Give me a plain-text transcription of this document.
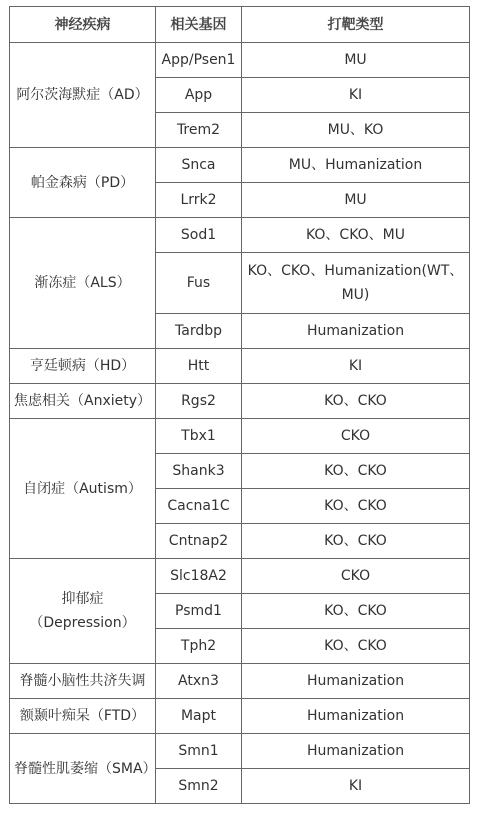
神经疾病	相关基因	打靶类型
阿尔茨海默症（AD）	App/Psen1	MU
	App	KI
	Trem2	MU、KO
帕金森病（PD）	Snca	MU、Humanization
	Lrrk2	MU
渐冻症（ALS）	Sod1	KO、CKO、MU
	Fus	KO、CKO、Humanization(WT、MU)
	Tardbp	Humanization
亨廷顿病（HD）	Htt	KI
焦虑相关（Anxiety）	Rgs2	KO、CKO
自闭症（Autism）	Tbx1	CKO
	Shank3	KO、CKO
	Cacna1C	KO、CKO
	Cntnap2	KO、CKO
抑郁症（Depression）	Slc18A2	CKO
	Psmd1	KO、CKO
	Tph2	KO、CKO
脊髓小脑性共济失调	Atxn3	Humanization
额颞叶痴呆（FTD）	Mapt	Humanization
脊髓性肌萎缩（SMA）	Smn1	Humanization
	Smn2	KI
